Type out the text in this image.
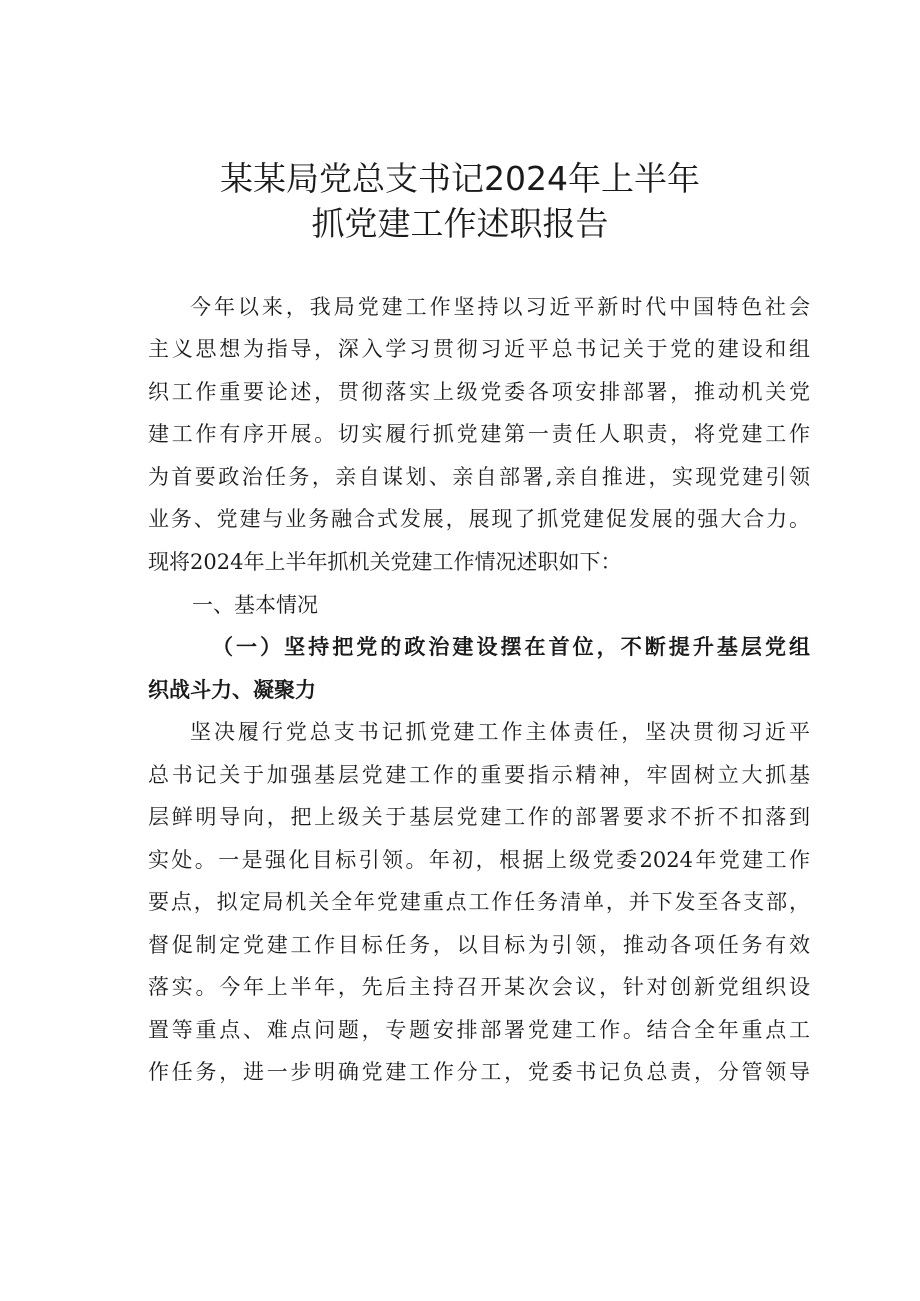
某某局党总支书记2024年上半年
抓党建工作述职报告
今年以来，我局党建工作坚持以习近平新时代中国特色社会
主义思想为指导，深入学习贯彻习近平总书记关于党的建设和组
织工作重要论述，贯彻落实上级党委各项安排部署，推动机关党
建工作有序开展。切实履行抓党建第一责任人职责，将党建工作
为首要政治任务，亲自谋划、亲自部署,亲自推进，实现党建引领
业务、党建与业务融合式发展，展现了抓党建促发展的强大合力。
现将2024年上半年抓机关党建工作情况述职如下：
一、基本情况
（一）坚持把党的政治建设摆在首位，不断提升基层党组
织战斗力、凝聚力
坚决履行党总支书记抓党建工作主体责任，坚决贯彻习近平
总书记关于加强基层党建工作的重要指示精神，牢固树立大抓基
层鲜明导向，把上级关于基层党建工作的部署要求不折不扣落到
实处。一是强化目标引领。年初，根据上级党委2024年党建工作
要点，拟定局机关全年党建重点工作任务清单，并下发至各支部，
督促制定党建工作目标任务，以目标为引领，推动各项任务有效
落实。今年上半年，先后主持召开某次会议，针对创新党组织设
置等重点、难点问题，专题安排部署党建工作。结合全年重点工
作任务，进一步明确党建工作分工，党委书记负总责，分管领导
